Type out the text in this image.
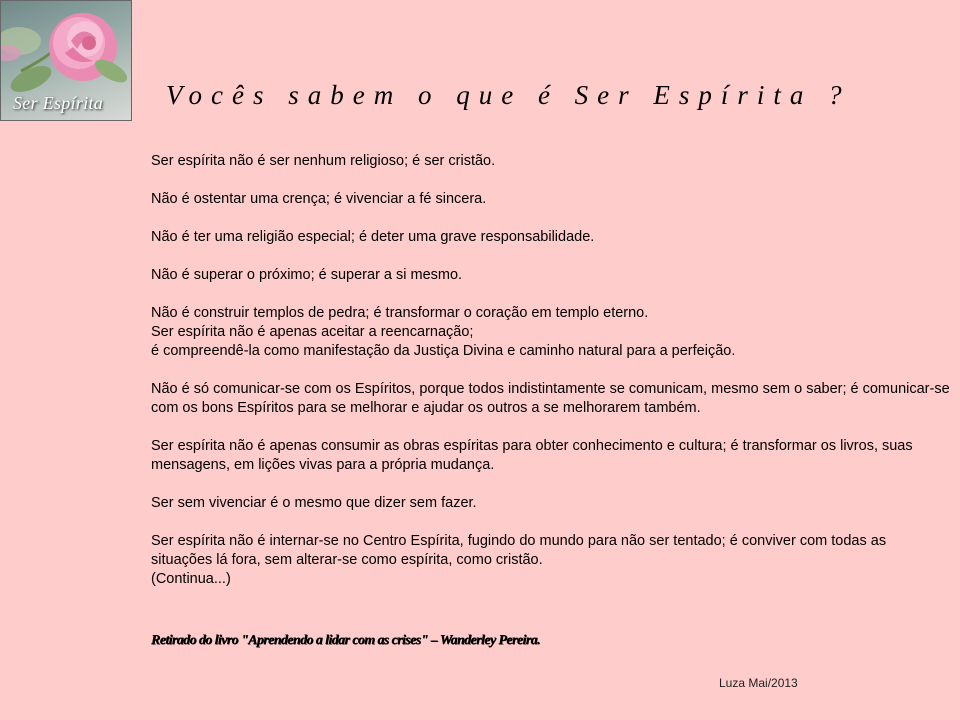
Ser Espírita Vocês sabem o que é Ser Espírita ?

Ser espírita não é ser nenhum religioso; é ser cristão.

Não é ostentar uma crença; é vivenciar a fé sincera.

Não é ter uma religião especial; é deter uma grave responsabilidade.

Não é superar o próximo; é superar a si mesmo.

Não é construir templos de pedra; é transformar o coração em templo eterno.
Ser espírita não é apenas aceitar a reencarnação;
é compreendê-la como manifestação da Justiça Divina e caminho natural para a perfeição.

Não é só comunicar-se com os Espíritos, porque todos indistintamente se comunicam, mesmo sem o saber; é comunicar-se com os bons Espíritos para se melhorar e ajudar os outros a se melhorarem também.

Ser espírita não é apenas consumir as obras espíritas para obter conhecimento e cultura; é transformar os livros, suas mensagens, em lições vivas para a própria mudança.

Ser sem vivenciar é o mesmo que dizer sem fazer.

Ser espírita não é internar-se no Centro Espírita, fugindo do mundo para não ser tentado; é conviver com todas as situações lá fora, sem alterar-se como espírita, como cristão.
(Continua...)

Retirado do livro "Aprendendo a lidar com as crises" – Wanderley Pereira.
Luza Mai/2013
